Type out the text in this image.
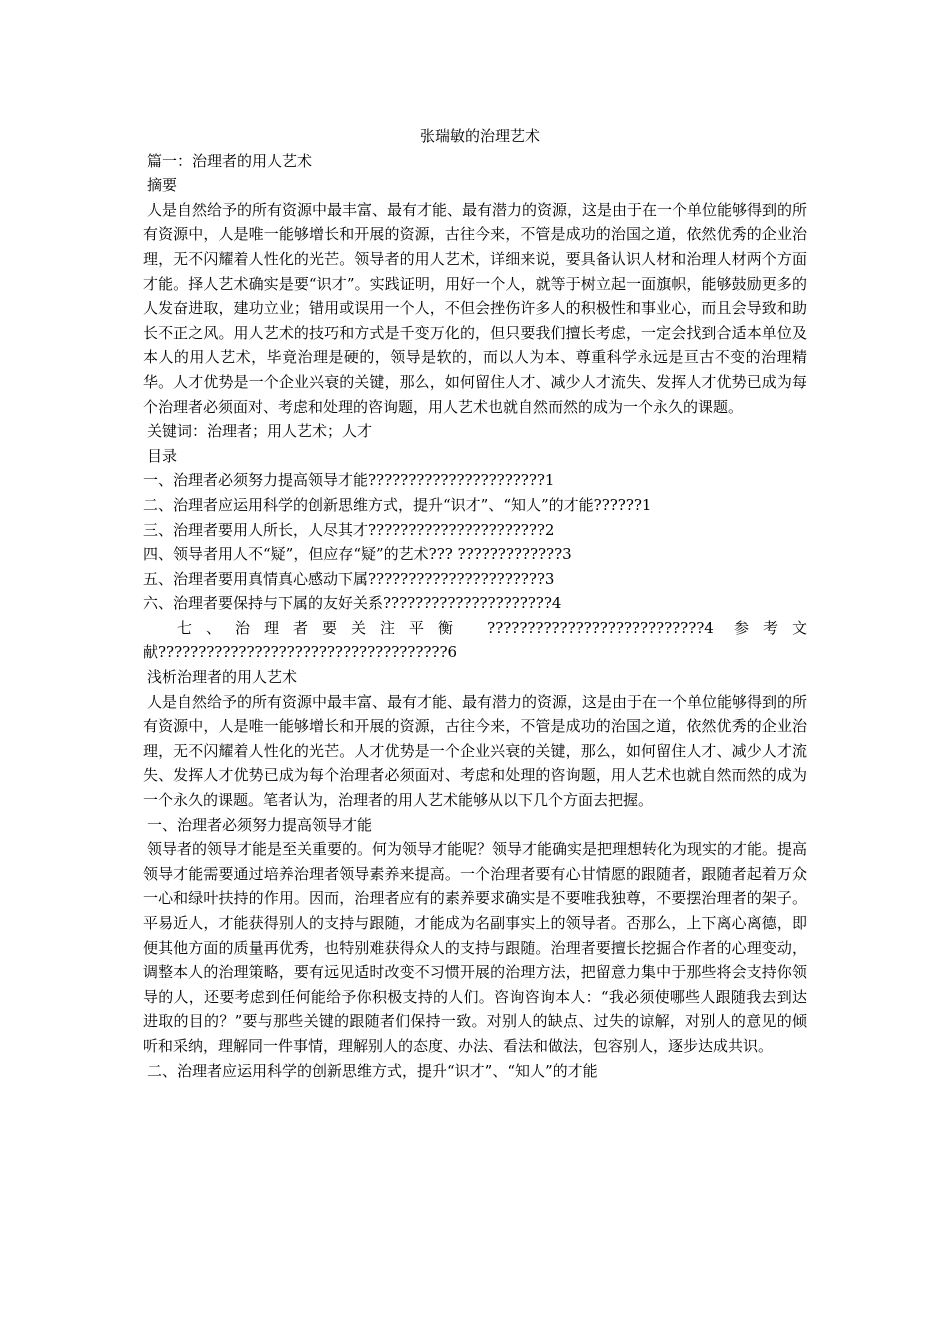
张瑞敏的治理艺术

篇一：治理者的用人艺术

摘要

人是自然给予的所有资源中最丰富、最有才能、最有潜力的资源，这是由于在一个单位能够得到的所有资源中，人是唯一能够增长和开展的资源，古往今来，不管是成功的治国之道，依然优秀的企业治理，无不闪耀着人性化的光芒。领导者的用人艺术，详细来说，要具备认识人材和治理人材两个方面才能。择人艺术确实是要“识才”。实践证明，用好一个人，就等于树立起一面旗帜，能够鼓励更多的人发奋进取，建功立业；错用或误用一个人，不但会挫伤许多人的积极性和事业心，而且会导致和助长不正之风。用人艺术的技巧和方式是千变万化的，但只要我们擅长考虑，一定会找到合适本单位及本人的用人艺术，毕竟治理是硬的，领导是软的，而以人为本、尊重科学永远是亘古不变的治理精华。人才优势是一个企业兴衰的关键，那么，如何留住人才、减少人才流失、发挥人才优势已成为每个治理者必须面对、考虑和处理的咨询题，用人艺术也就自然而然的成为一个永久的课题。

关键词：治理者；用人艺术；人才

目录

一、治理者必须努力提高领导才能??????????????????????1

二、治理者应运用科学的创新思维方式，提升“识才”、“知人”的才能??????1

三、治理者要用人所长，人尽其才??????????????????????2

四、领导者用人不“疑”，但应存“疑”的艺术??? ?????????????3

五、治理者要用真情真心感动下属??????????????????????3

六、治理者要保持与下属的友好关系?????????????????????4

七、治理者要关注平衡 ???????????????????????????4 参考文
献????????????????????????????????????6

浅析治理者的用人艺术

人是自然给予的所有资源中最丰富、最有才能、最有潜力的资源，这是由于在一个单位能够得到的所有资源中，人是唯一能够增长和开展的资源，古往今来，不管是成功的治国之道，依然优秀的企业治理，无不闪耀着人性化的光芒。人才优势是一个企业兴衰的关键，那么，如何留住人才、减少人才流失、发挥人才优势已成为每个治理者必须面对、考虑和处理的咨询题，用人艺术也就自然而然的成为一个永久的课题。笔者认为，治理者的用人艺术能够从以下几个方面去把握。

一、治理者必须努力提高领导才能

领导者的领导才能是至关重要的。何为领导才能呢？领导才能确实是把理想转化为现实的才能。提高领导才能需要通过培养治理者领导素养来提高。一个治理者要有心甘情愿的跟随者，跟随者起着万众一心和绿叶扶持的作用。因而，治理者应有的素养要求确实是不要唯我独尊，不要摆治理者的架子。平易近人，才能获得别人的支持与跟随，才能成为名副事实上的领导者。否那么，上下离心离德，即便其他方面的质量再优秀，也特别难获得众人的支持与跟随。治理者要擅长挖掘合作者的心理变动，调整本人的治理策略，要有远见适时改变不习惯开展的治理方法，把留意力集中于那些将会支持你领导的人，还要考虑到任何能给予你积极支持的人们。咨询咨询本人：“我必须使哪些人跟随我去到达进取的目的？”要与那些关键的跟随者们保持一致。对别人的缺点、过失的谅解，对别人的意见的倾听和采纳，理解同一件事情，理解别人的态度、办法、看法和做法，包容别人，逐步达成共识。

二、治理者应运用科学的创新思维方式，提升“识才”、“知人”的才能
